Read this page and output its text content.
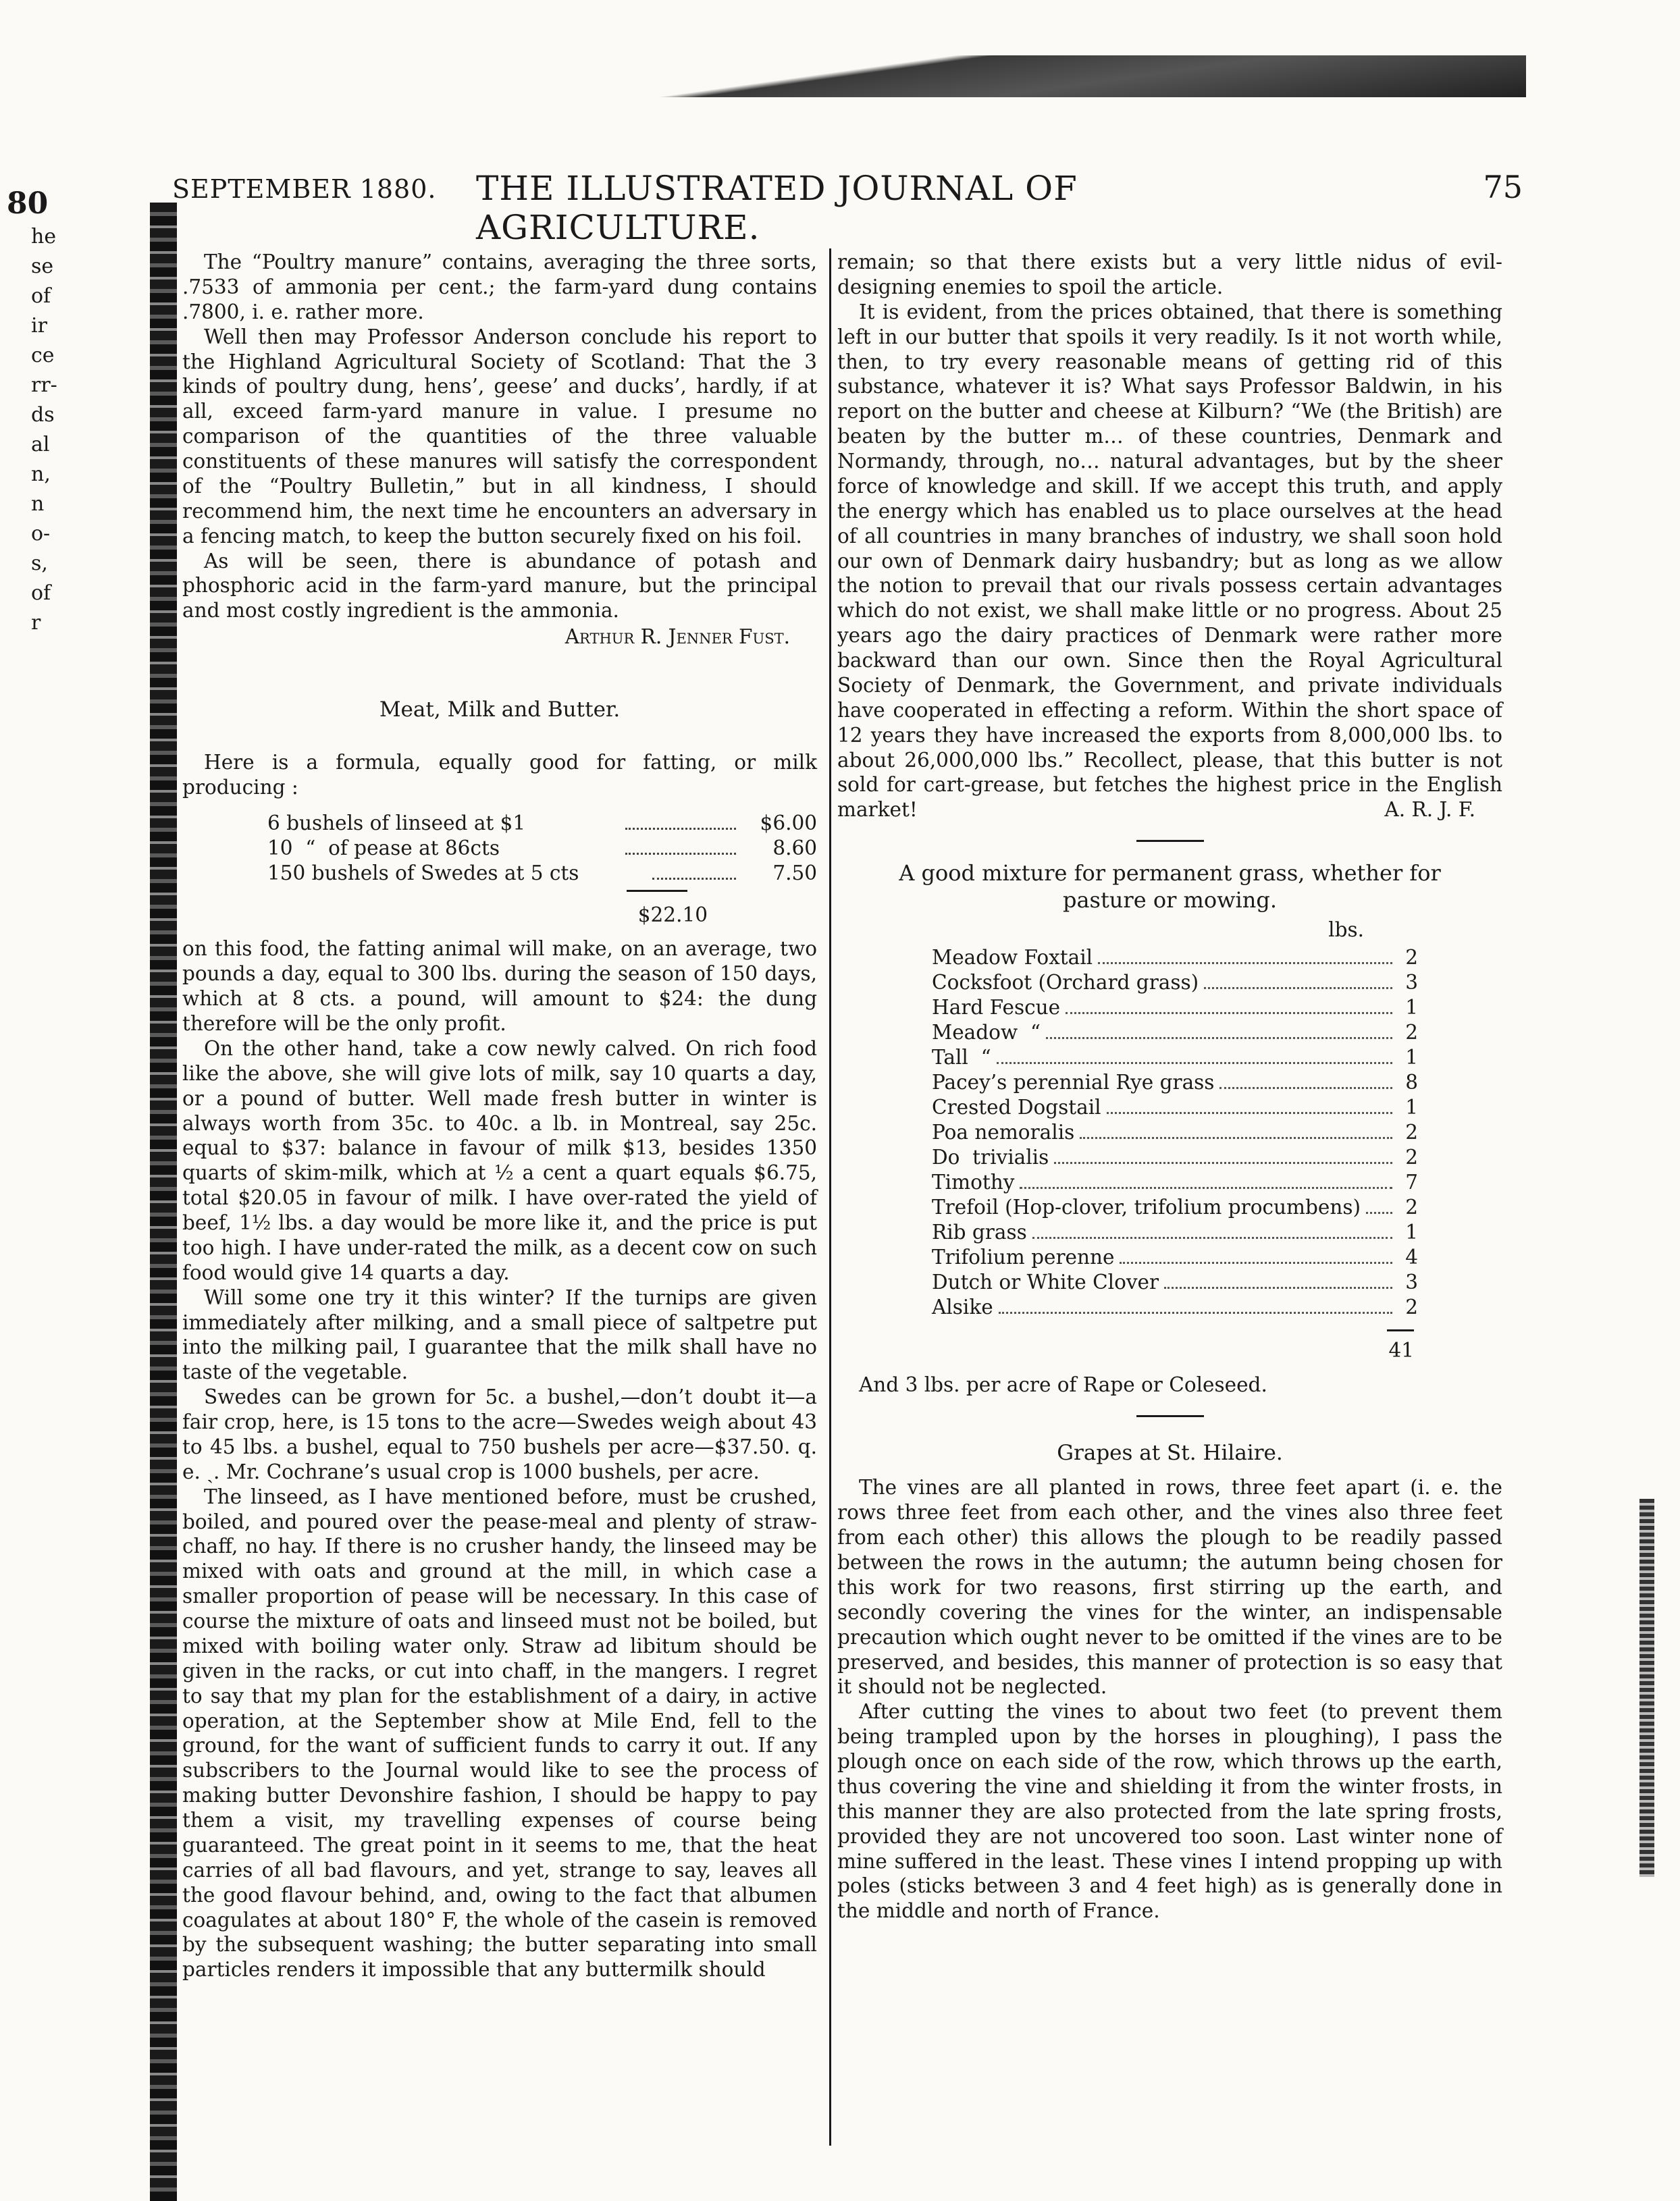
80
he
se
of
ir
ce
rr-
ds
al
n,
n
o-
s,
of
r
SEPTEMBER 1880. THE ILLUSTRATED JOURNAL OF AGRICULTURE.
75

The “Poultry manure” contains, averaging the three sorts, .7533 of ammonia per cent.; the farm-yard dung contains .7800, i. e. rather more.

Well then may Professor Anderson conclude his report to the Highland Agricultural Society of Scotland: That the 3 kinds of poultry dung, hens’, geese’ and ducks’, hardly, if at all, exceed farm-yard manure in value. I presume no comparison of the quantities of the three valuable constituents of these manures will satisfy the correspondent of the “Poultry Bulletin,” but in all kindness, I should recommend him, the next time he encounters an adversary in a fencing match, to keep the button securely fixed on his foil.

As will be seen, there is abundance of potash and phosphoric acid in the farm-yard manure, but the principal and most costly ingredient is the ammonia.

Arthur R. Jenner Fust.
Meat, Milk and Butter.

Here is a formula, equally good for fatting, or milk producing :

6 bushels of linseed at $1	$6.00
10  “  of pease at 86cts	8.60
150 bushels of Swedes at 5 cts	7.50
$22.10

on this food, the fatting animal will make, on an average, two pounds a day, equal to 300 lbs. during the season of 150 days, which at 8 cts. a pound, will amount to $24: the dung therefore will be the only profit.

On the other hand, take a cow newly calved. On rich food like the above, she will give lots of milk, say 10 quarts a day, or a pound of butter. Well made fresh butter in winter is always worth from 35c. to 40c. a lb. in Montreal, say 25c. equal to $37: balance in favour of milk $13, besides 1350 quarts of skim-milk, which at ½ a cent a quart equals $6.75, total $20.05 in favour of milk. I have over-rated the yield of beef, 1½ lbs. a day would be more like it, and the price is put too high. I have under-rated the milk, as a decent cow on such food would give 14 quarts a day.

Will some one try it this winter? If the turnips are given immediately after milking, and a small piece of saltpetre put into the milking pail, I guarantee that the milk shall have no taste of the vegetable.

Swedes can be grown for 5c. a bushel,—don’t doubt it—a fair crop, here, is 15 tons to the acre—Swedes weigh about 43 to 45 lbs. a bushel, equal to 750 bushels per acre—$37.50. q. e. ˎ. Mr. Cochrane’s usual crop is 1000 bushels, per acre.

The linseed, as I have mentioned before, must be crushed, boiled, and poured over the pease-meal and plenty of straw-chaff, no hay. If there is no crusher handy, the linseed may be mixed with oats and ground at the mill, in which case a smaller proportion of pease will be necessary. In this case of course the mixture of oats and linseed must not be boiled, but mixed with boiling water only. Straw ad libitum should be given in the racks, or cut into chaff, in the mangers. I regret to say that my plan for the establishment of a dairy, in active operation, at the September show at Mile End, fell to the ground, for the want of sufficient funds to carry it out. If any subscribers to the Journal would like to see the process of making butter Devonshire fashion, I should be happy to pay them a visit, my travelling expenses of course being guaranteed. The great point in it seems to me, that the heat carries of all bad flavours, and yet, strange to say, leaves all the good flavour behind, and, owing to the fact that albumen coagulates at about 180° F, the whole of the casein is removed by the subsequent washing; the butter separating into small particles renders it impossible that any buttermilk should

remain; so that there exists but a very little nidus of evil-designing enemies to spoil the article.

It is evident, from the prices obtained, that there is something left in our butter that spoils it very readily. Is it not worth while, then, to try every reasonable means of getting rid of this substance, whatever it is? What says Professor Baldwin, in his report on the butter and cheese at Kilburn? “We (the British) are beaten by the butter m… of these countries, Denmark and Normandy, through, no… natural advantages, but by the sheer force of knowledge and skill. If we accept this truth, and apply the energy which has enabled us to place ourselves at the head of all countries in many branches of industry, we shall soon hold our own of Denmark dairy husbandry; but as long as we allow the notion to prevail that our rivals possess certain advantages which do not exist, we shall make little or no progress. About 25 years ago the dairy practices of Denmark were rather more backward than our own. Since then the Royal Agricultural Society of Denmark, the Government, and private individuals have cooperated in effecting a reform. Within the short space of 12 years they have increased the exports from 8,000,000 lbs. to about 26,000,000 lbs.” Recollect, please, that this butter is not sold for cart-grease, but fetches the highest price in the English market!	A. R. J. F.
A good mixture for permanent grass, whether for
pasture or mowing.
lbs.
Meadow Foxtail	2
Cocksfoot (Orchard grass)	3
Hard Fescue	1
Meadow  “	2
Tall  “	1
Pacey’s perennial Rye grass	8
Crested Dogstail	1
Poa nemoralis	2
Do  trivialis	2
Timothy	7
Trefoil (Hop-clover, trifolium procumbens)	2
Rib grass	1
Trifolium perenne	4
Dutch or White Clover	3
Alsike	2
41

And 3 lbs. per acre of Rape or Coleseed.

Grapes at St. Hilaire.

The vines are all planted in rows, three feet apart (i. e. the rows three feet from each other, and the vines also three feet from each other) this allows the plough to be readily passed between the rows in the autumn; the autumn being chosen for this work for two reasons, first stirring up the earth, and secondly covering the vines for the winter, an indispensable precaution which ought never to be omitted if the vines are to be preserved, and besides, this manner of protection is so easy that it should not be neglected.

After cutting the vines to about two feet (to prevent them being trampled upon by the horses in ploughing), I pass the plough once on each side of the row, which throws up the earth, thus covering the vine and shielding it from the winter frosts, in this manner they are also protected from the late spring frosts, provided they are not uncovered too soon. Last winter none of mine suffered in the least. These vines I intend propping up with poles (sticks between 3 and 4 feet high) as is generally done in the middle and north of France.
